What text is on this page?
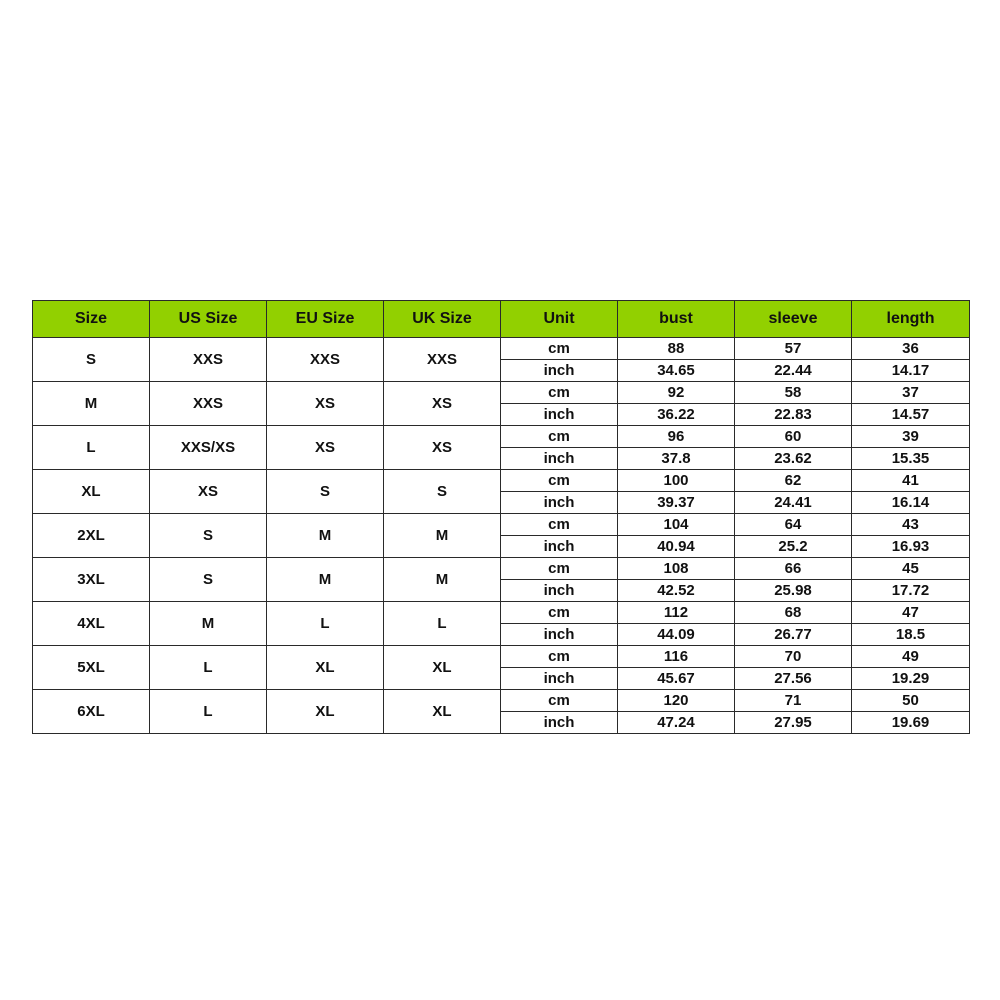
Size	US Size	EU Size	UK Size	Unit	bust	sleeve	length
S	XXS	XXS	XXS	cm	88	57	36
				inch	34.65	22.44	14.17
M	XXS	XS	XS	cm	92	58	37
				inch	36.22	22.83	14.57
L	XXS/XS	XS	XS	cm	96	60	39
				inch	37.8	23.62	15.35
XL	XS	S	S	cm	100	62	41
				inch	39.37	24.41	16.14
2XL	S	M	M	cm	104	64	43
				inch	40.94	25.2	16.93
3XL	S	M	M	cm	108	66	45
				inch	42.52	25.98	17.72
4XL	M	L	L	cm	112	68	47
				inch	44.09	26.77	18.5
5XL	L	XL	XL	cm	116	70	49
				inch	45.67	27.56	19.29
6XL	L	XL	XL	cm	120	71	50
				inch	47.24	27.95	19.69
